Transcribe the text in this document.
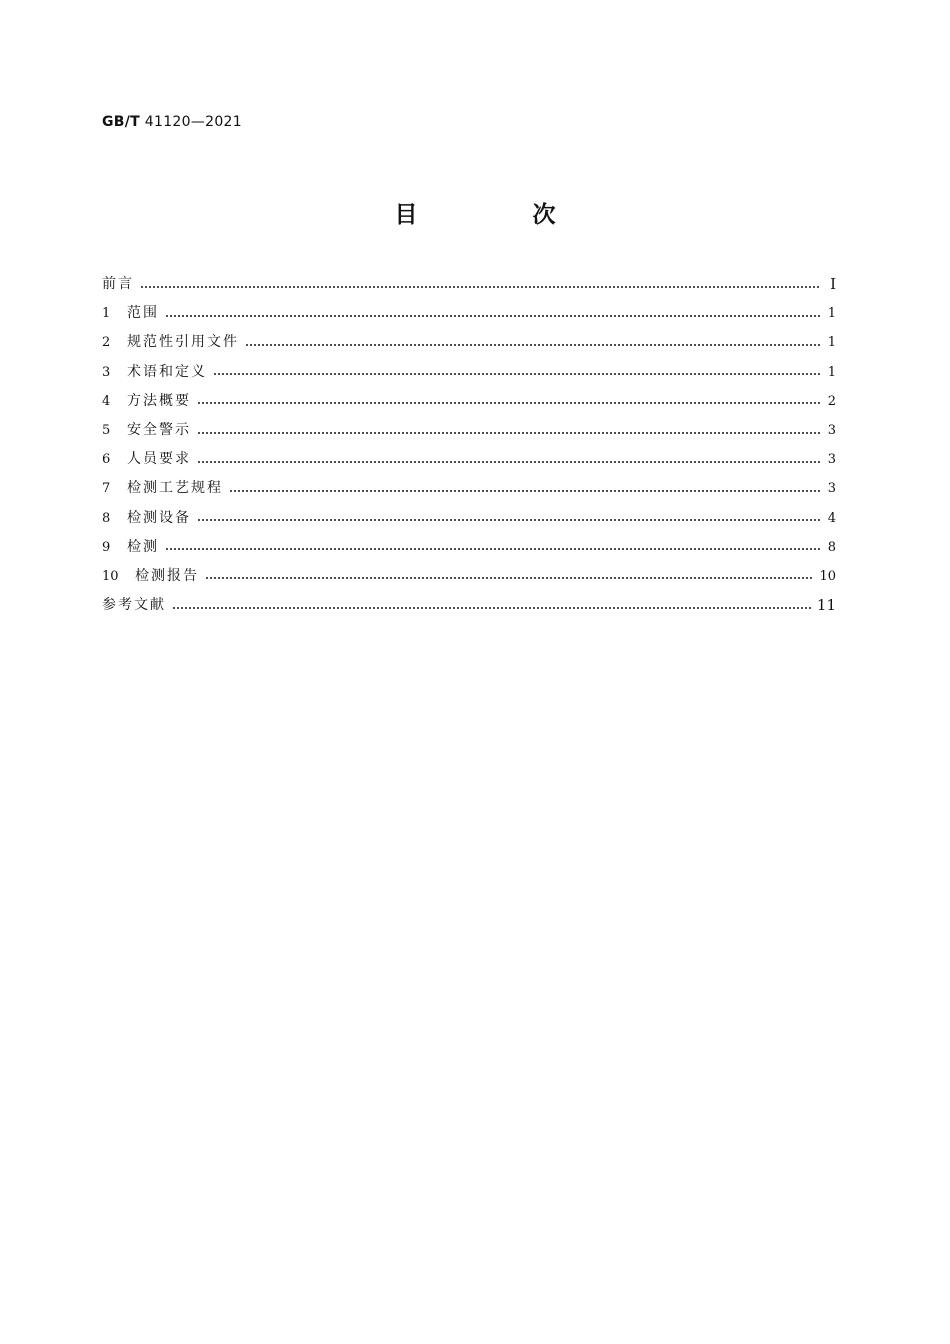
GB/T 41120—2021
目　次
前言	Ⅰ
1	范围	1
2	规范性引用文件	1
3	术语和定义	1
4	方法概要	2
5	安全警示	3
6	人员要求	3
7	检测工艺规程	3
8	检测设备	4
9	检测	8
10	检测报告	10
参考文献	11
